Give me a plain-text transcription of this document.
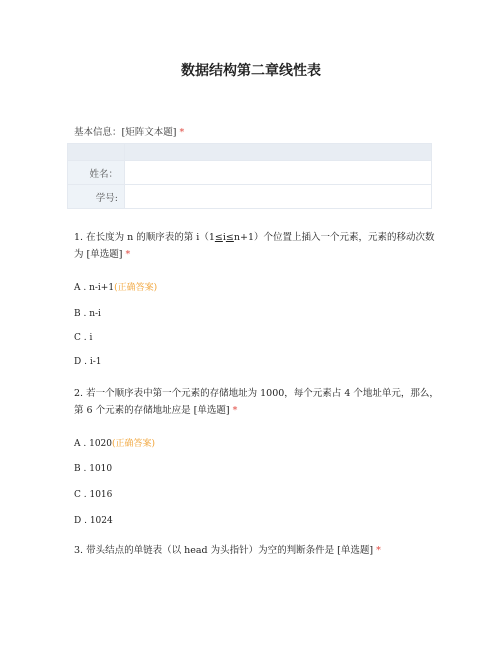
数据结构第二章线性表
基本信息：[矩阵文本题] *

姓名：	
学号:	
1. 在长度为 n 的顺序表的第 i（1≤i≤n+1）个位置上插入一个元素，元素的移动次数为 [单选题] *
A . n-i+1(正确答案)
B . n-i
C . i
D . i-1
2. 若一个顺序表中第一个元素的存储地址为 1000，每个元素占 4 个地址单元，那么，第 6 个元素的存储地址应是 [单选题] *
A . 1020(正确答案)
B . 1010
C . 1016
D . 1024
3. 带头结点的单链表（以 head 为头指针）为空的判断条件是 [单选题] *
